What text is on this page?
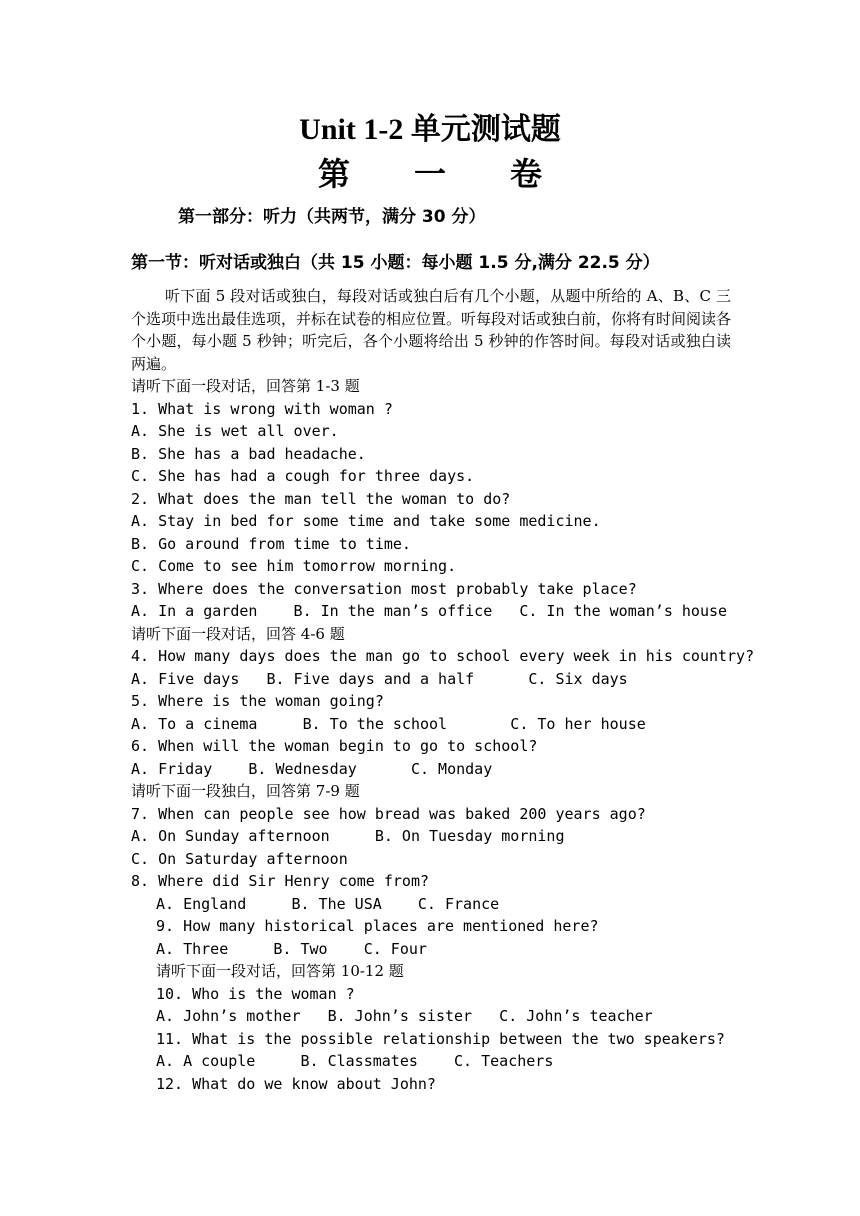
Unit 1-2 单元测试题
第 一 卷
第一部分：听力（共两节，满分 30 分）
第一节：听对话或独白（共 15 小题：每小题 1.5 分,满分 22.5 分）
听下面 5 段对话或独白，每段对话或独白后有几个小题，从题中所给的 A、B、C 三个选项中选出最佳选项，并标在试卷的相应位置。听每段对话或独白前，你将有时间阅读各个小题，每小题 5 秒钟；听完后，各个小题将给出 5 秒钟的作答时间。每段对话或独白读两遍。
请听下面一段对话，回答第 1-3 题
1. What is wrong with woman ?
A. She is wet all over.
B. She has a bad headache.
C. She has had a cough for three days.
2. What does the man tell the woman to do?
A. Stay in bed for some time and take some medicine.
B. Go around from time to time.
C. Come to see him tomorrow morning.
3. Where does the conversation most probably take place?
A. In a garden    B. In the man’s office   C. In the woman’s house
请听下面一段对话，回答 4-6 题
4. How many days does the man go to school every week in his country?
A. Five days   B. Five days and a half      C. Six days
5. Where is the woman going?
A. To a cinema     B. To the school       C. To her house
6. When will the woman begin to go to school?
A. Friday    B. Wednesday      C. Monday
请听下面一段独白，回答第 7-9 题
7. When can people see how bread was baked 200 years ago?
A. On Sunday afternoon     B. On Tuesday morning
C. On Saturday afternoon
8. Where did Sir Henry come from?
A. England     B. The USA    C. France
9. How many historical places are mentioned here?
A. Three     B. Two    C. Four
请听下面一段对话，回答第 10-12 题
10. Who is the woman ?
A. John’s mother   B. John’s sister   C. John’s teacher
11. What is the possible relationship between the two speakers?
A. A couple     B. Classmates    C. Teachers
12. What do we know about John?
